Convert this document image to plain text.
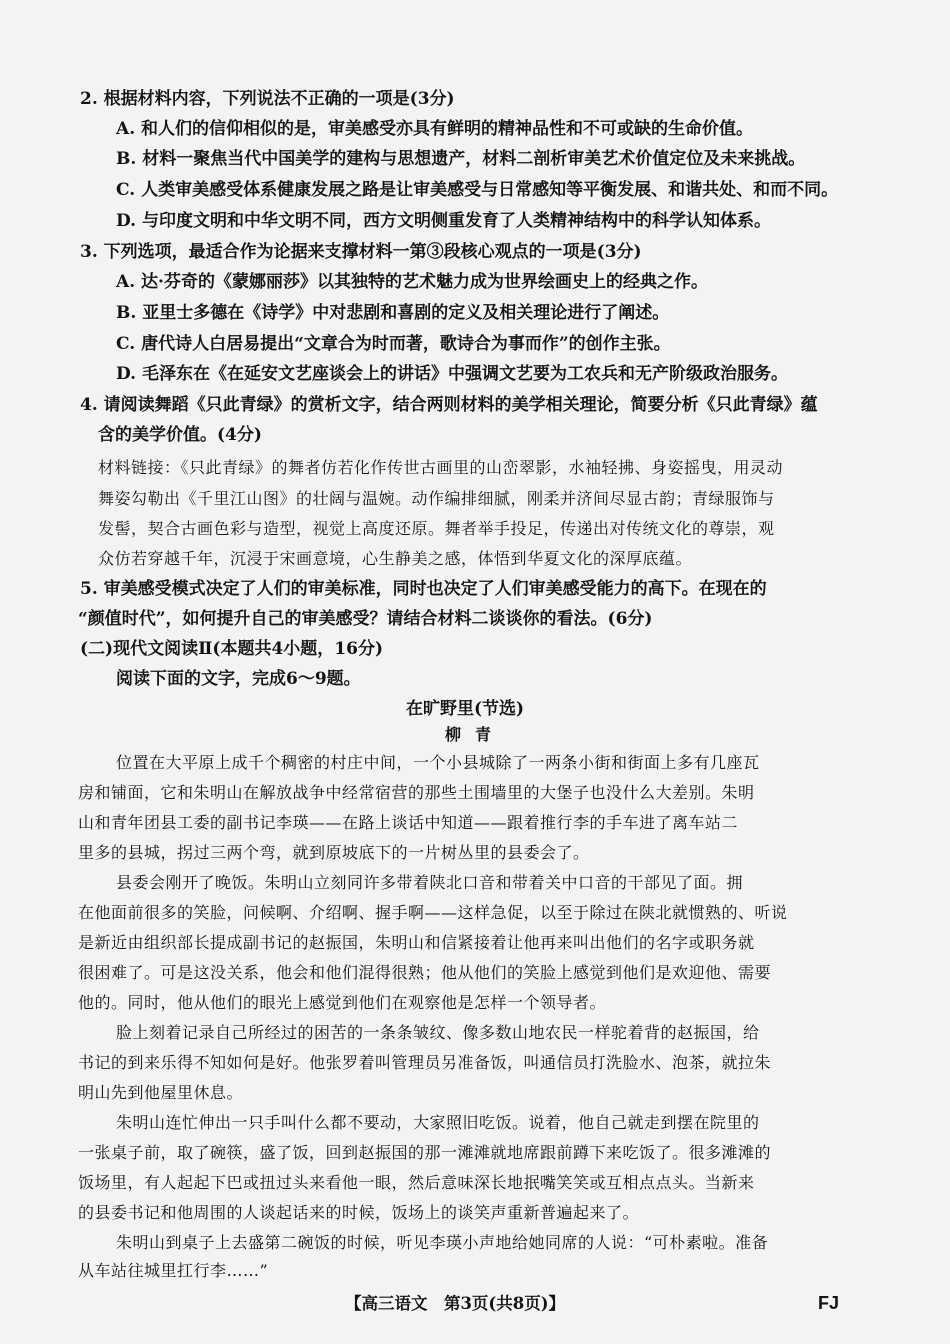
2. 根据材料内容，下列说法不正确的一项是(3分)

A. 和人们的信仰相似的是，审美感受亦具有鲜明的精神品性和不可或缺的生命价值。

B. 材料一聚焦当代中国美学的建构与思想遗产，材料二剖析审美艺术价值定位及未来挑战。

C. 人类审美感受体系健康发展之路是让审美感受与日常感知等平衡发展、和谐共处、和而不同。

D. 与印度文明和中华文明不同，西方文明侧重发育了人类精神结构中的科学认知体系。

3. 下列选项，最适合作为论据来支撑材料一第③段核心观点的一项是(3分)

A. 达·芬奇的《蒙娜丽莎》以其独特的艺术魅力成为世界绘画史上的经典之作。

B. 亚里士多德在《诗学》中对悲剧和喜剧的定义及相关理论进行了阐述。

C. 唐代诗人白居易提出“文章合为时而著，歌诗合为事而作”的创作主张。

D. 毛泽东在《在延安文艺座谈会上的讲话》中强调文艺要为工农兵和无产阶级政治服务。

4. 请阅读舞蹈《只此青绿》的赏析文字，结合两则材料的美学相关理论，简要分析《只此青绿》蕴

含的美学价值。(4分)

材料链接：《只此青绿》的舞者仿若化作传世古画里的山峦翠影，水袖轻拂、身姿摇曳，用灵动

舞姿勾勒出《千里江山图》的壮阔与温婉。动作编排细腻，刚柔并济间尽显古韵；青绿服饰与

发髻，契合古画色彩与造型，视觉上高度还原。舞者举手投足，传递出对传统文化的尊崇，观

众仿若穿越千年，沉浸于宋画意境，心生静美之感，体悟到华夏文化的深厚底蕴。

5. 审美感受模式决定了人们的审美标准，同时也决定了人们审美感受能力的高下。在现在的

“颜值时代”，如何提升自己的审美感受？请结合材料二谈谈你的看法。(6分)

(二)现代文阅读Ⅱ(本题共4小题，16分)

阅读下面的文字，完成6～9题。

在旷野里(节选)

柳青

位置在大平原上成千个稠密的村庄中间，一个小县城除了一两条小街和街面上多有几座瓦

房和铺面，它和朱明山在解放战争中经常宿营的那些土围墙里的大堡子也没什么大差别。朱明

山和青年团县工委的副书记李瑛——在路上谈话中知道——跟着推行李的手车进了离车站二

里多的县城，拐过三两个弯，就到原坡底下的一片树丛里的县委会了。

县委会刚开了晚饭。朱明山立刻同许多带着陕北口音和带着关中口音的干部见了面。拥

在他面前很多的笑脸，问候啊、介绍啊、握手啊——这样急促，以至于除过在陕北就惯熟的、听说

是新近由组织部长提成副书记的赵振国，朱明山和信紧接着让他再来叫出他们的名字或职务就

很困难了。可是这没关系，他会和他们混得很熟；他从他们的笑脸上感觉到他们是欢迎他、需要

他的。同时，他从他们的眼光上感觉到他们在观察他是怎样一个领导者。

脸上刻着记录自己所经过的困苦的一条条皱纹、像多数山地农民一样驼着背的赵振国，给

书记的到来乐得不知如何是好。他张罗着叫管理员另准备饭，叫通信员打洗脸水、泡茶，就拉朱

明山先到他屋里休息。

朱明山连忙伸出一只手叫什么都不要动，大家照旧吃饭。说着，他自己就走到摆在院里的

一张桌子前，取了碗筷，盛了饭，回到赵振国的那一滩滩就地席跟前蹲下来吃饭了。很多滩滩的

饭场里，有人起起下巴或扭过头来看他一眼，然后意味深长地抿嘴笑笑或互相点点头。当新来

的县委书记和他周围的人谈起话来的时候，饭场上的谈笑声重新普遍起来了。

朱明山到桌子上去盛第二碗饭的时候，听见李瑛小声地给她同席的人说：“可朴素啦。准备

从车站往城里扛行李……”

【高三语文　第3页(共8页)】	FJ
